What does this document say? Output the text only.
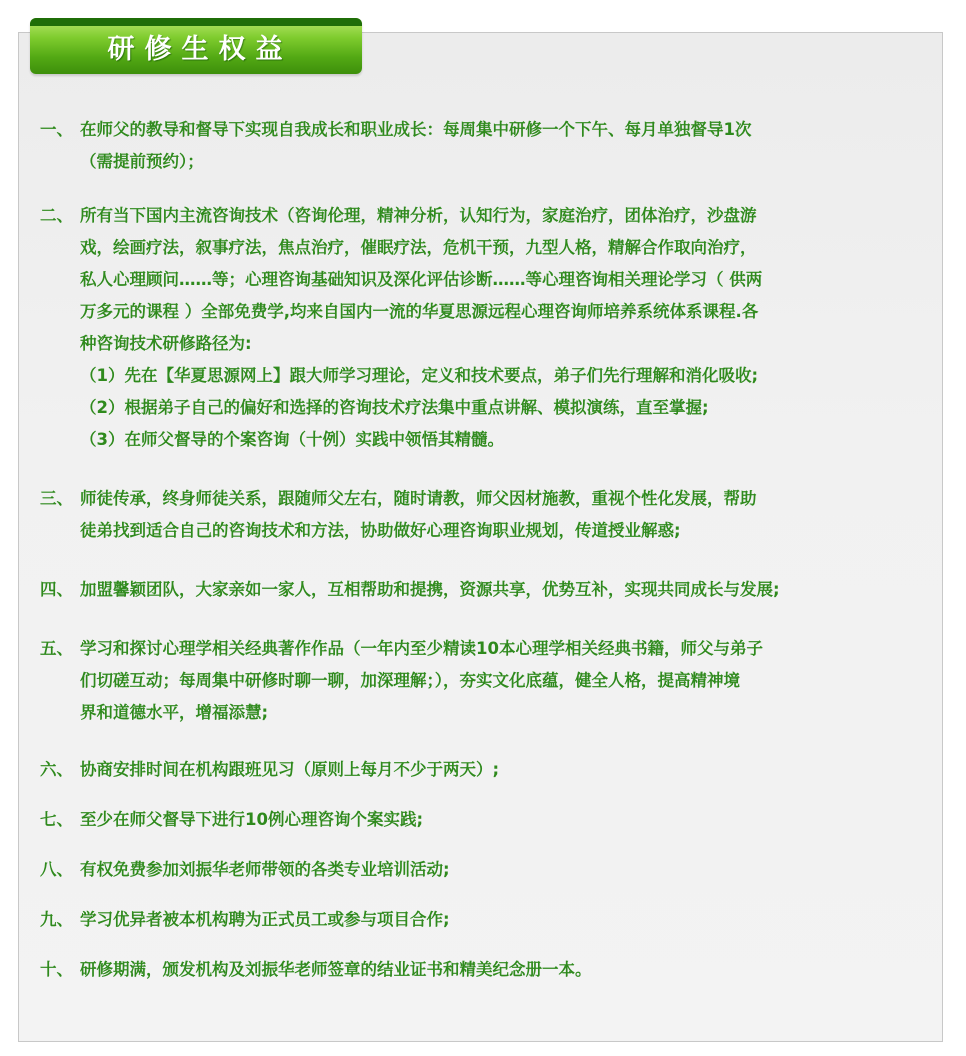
研修生权益
一、 在师父的教导和督导下实现自我成长和职业成长：每周集中研修一个下午、每月单独督导1次
（需提前预约）；
二、 所有当下国内主流咨询技术（咨询伦理，精神分析，认知行为，家庭治疗，团体治疗，沙盘游
戏，绘画疗法，叙事疗法，焦点治疗，催眠疗法，危机干预，九型人格，精解合作取向治疗，
私人心理顾问……等；心理咨询基础知识及深化评估诊断……等心理咨询相关理论学习（ 供两
万多元的课程 ）全部免费学,均来自国内一流的华夏思源远程心理咨询师培养系统体系课程.各
种咨询技术研修路径为:
（1）先在【华夏思源网上】跟大师学习理论，定义和技术要点，弟子们先行理解和消化吸收;
（2）根据弟子自己的偏好和选择的咨询技术疗法集中重点讲解、模拟演练，直至掌握;
（3）在师父督导的个案咨询（十例）实践中领悟其精髓。
三、 师徒传承，终身师徒关系，跟随师父左右，随时请教，师父因材施教，重视个性化发展，帮助
徒弟找到适合自己的咨询技术和方法，协助做好心理咨询职业规划，传道授业解惑;
四、 加盟馨颖团队，大家亲如一家人，互相帮助和提携，资源共享，优势互补，实现共同成长与发展;
五、 学习和探讨心理学相关经典著作作品（一年内至少精读10本心理学相关经典书籍，师父与弟子
们切磋互动；每周集中研修时聊一聊，加深理解；），夯实文化底蕴，健全人格，提高精神境
界和道德水平，增福添慧;
六、 协商安排时间在机构跟班见习（原则上每月不少于两天）;
七、 至少在师父督导下进行10例心理咨询个案实践;
八、 有权免费参加刘振华老师带领的各类专业培训活动;
九、 学习优异者被本机构聘为正式员工或参与项目合作;
十、 研修期满，颁发机构及刘振华老师签章的结业证书和精美纪念册一本。
